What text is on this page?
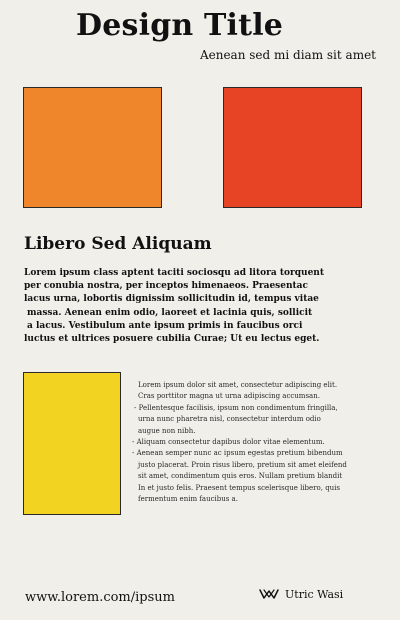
Design Title
Aenean sed mi diam sit amet
Libero Sed Aliquam
Lorem ipsum class aptent taciti sociosqu ad litora torquent
per conubia nostra, per inceptos himenaeos. Praesentac
lacus urna, lobortis dignissim sollicitudin id, tempus vitae
massa. Aenean enim odio, laoreet et lacinia quis, sollicit
a lacus. Vestibulum ante ipsum primis in faucibus orci
luctus et ultrices posuere cubilia Curae; Ut eu lectus eget.
Lorem ipsum dolor sit amet, consectetur adipiscing elit.
Cras porttitor magna ut urna adipiscing accumsan.
- Pellentesque facilisis, ipsum non condimentum fringilla,
urna nunc pharetra nisl, consectetur interdum odio
augue non nibh.
- Aliquam consectetur dapibus dolor vitae elementum.
- Aenean semper nunc ac ipsum egestas pretium bibendum
justo placerat. Proin risus libero, pretium sit amet eleifend
sit amet, condimentum quis eros. Nullam pretium blandit
In et justo felis. Praesent tempus scelerisque libero, quis
fermentum enim faucibus a.
www.lorem.com/ipsum	Utric Wasi
